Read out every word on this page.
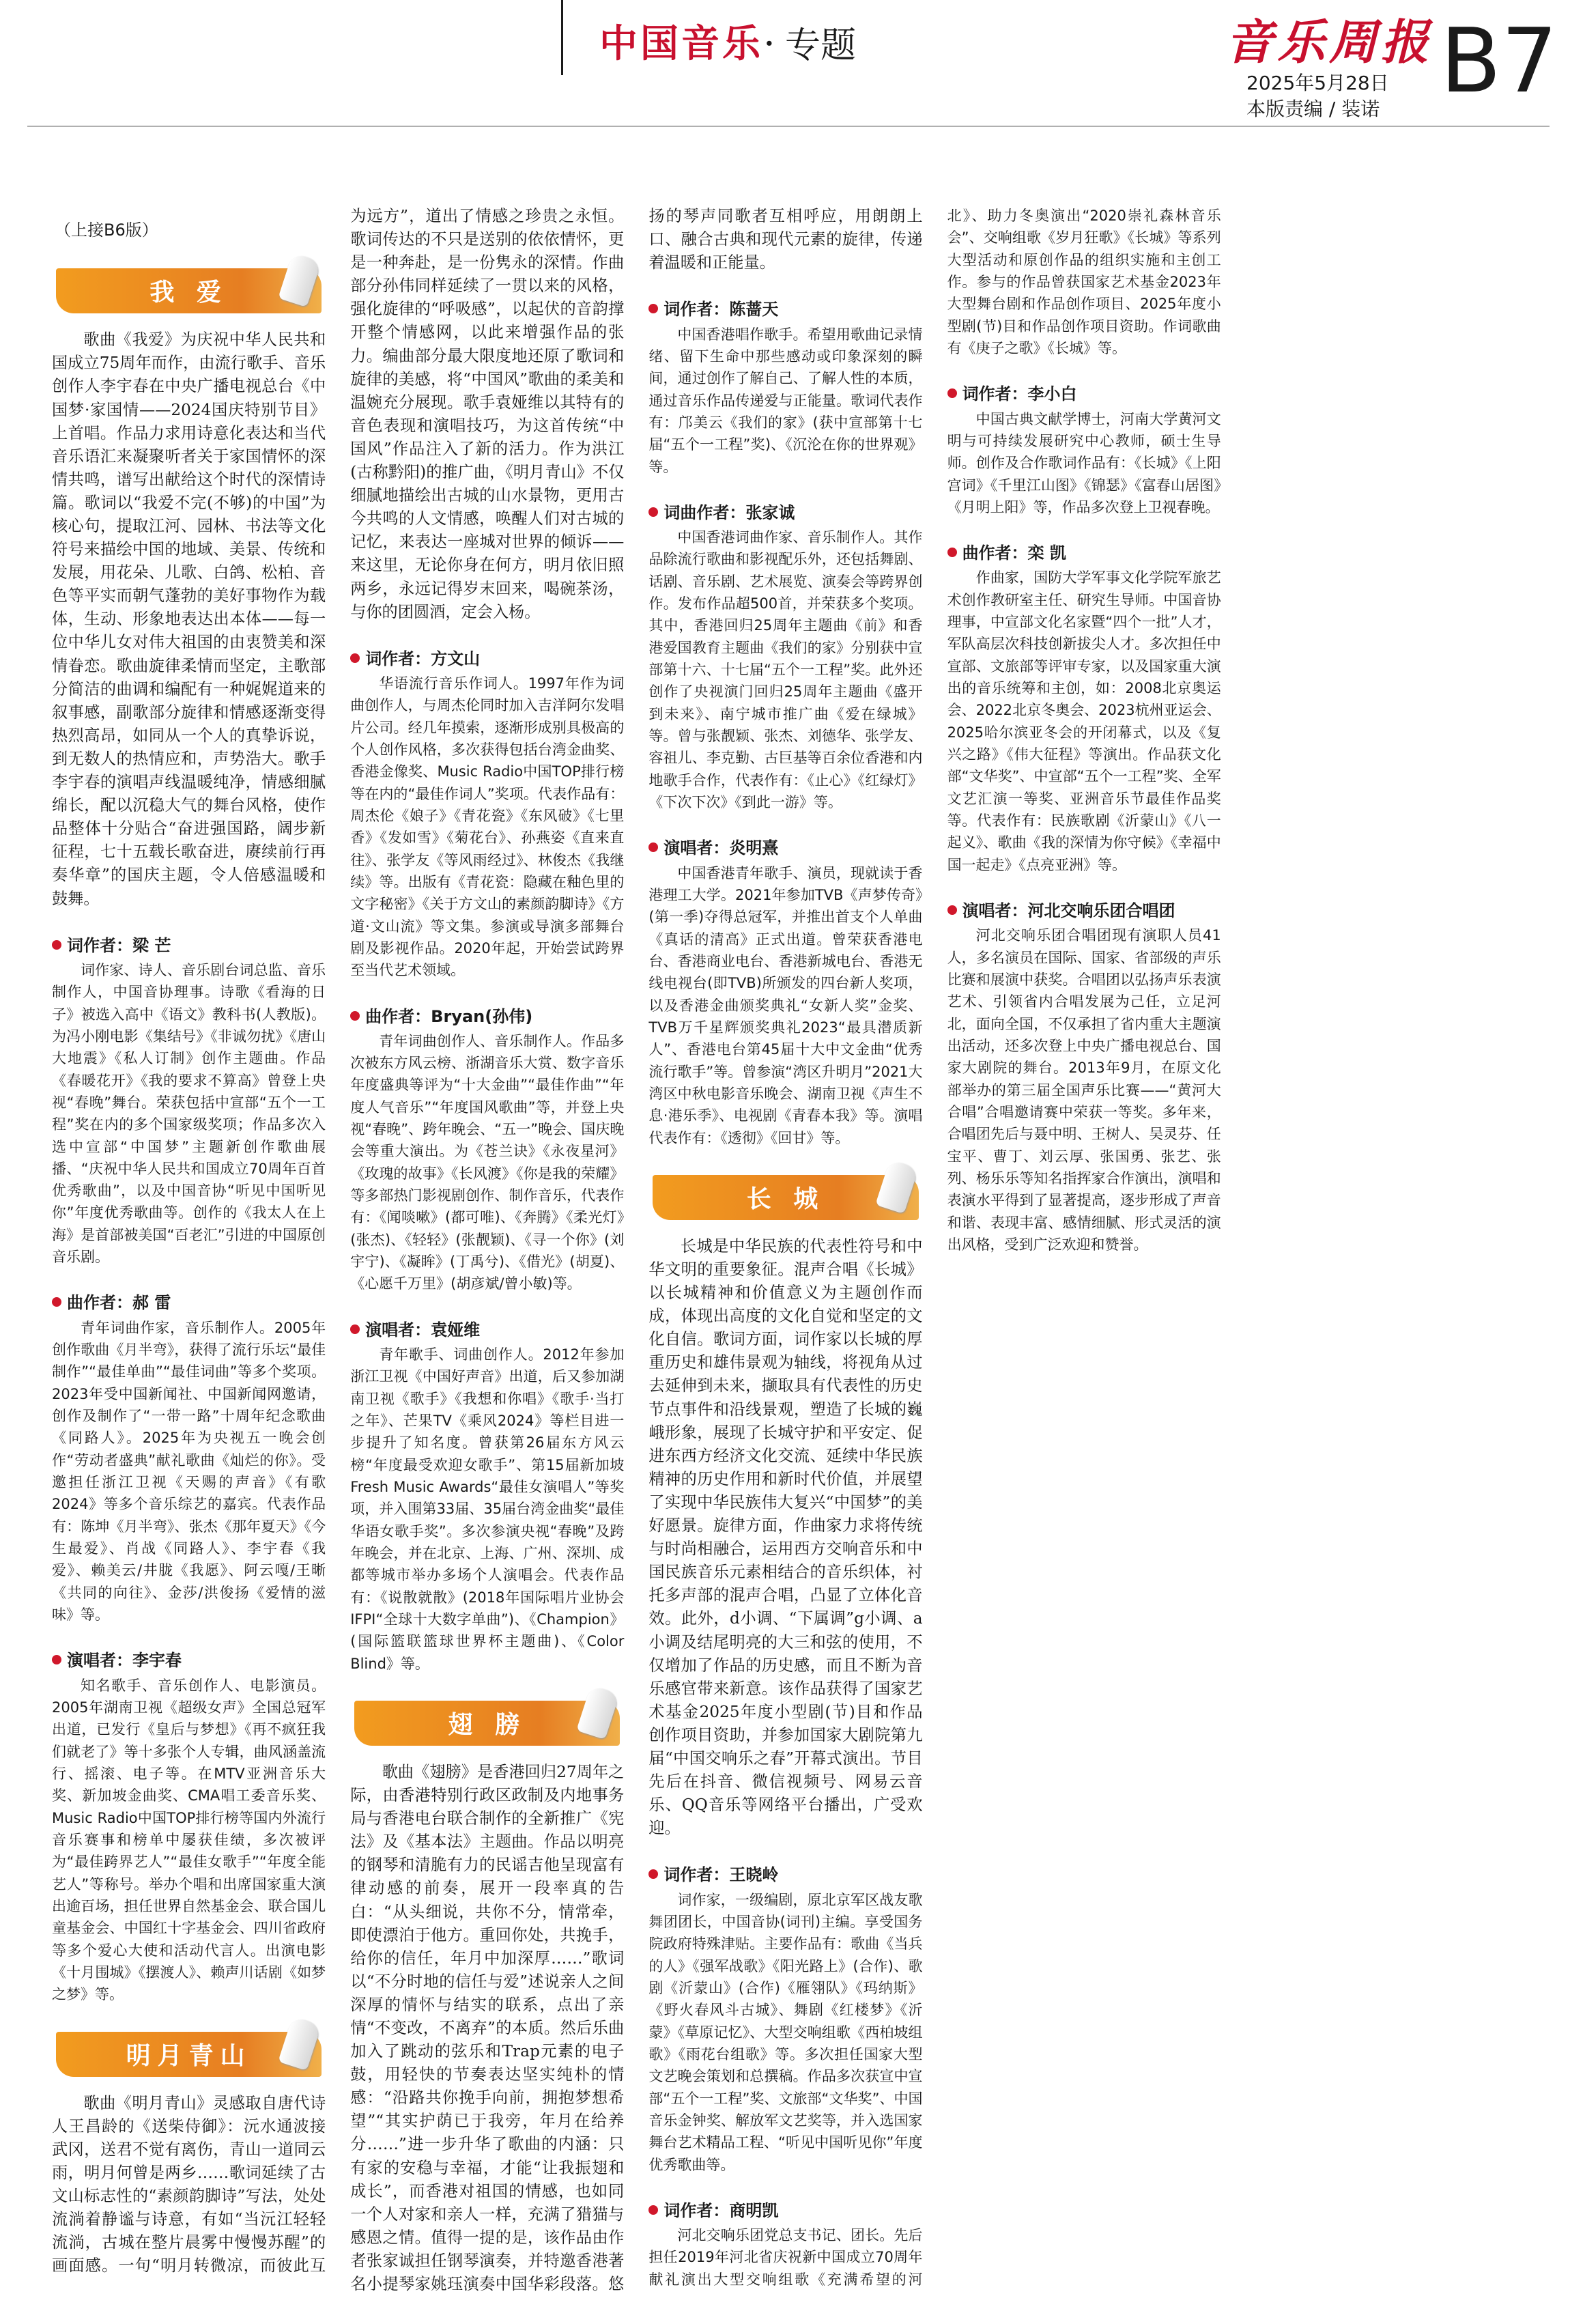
中国音乐· 专题	音乐周报
2025年5月28日
本版责编 / 装诺 B7
（上接B6版）
我 爱

歌曲《我爱》为庆祝中华人民共和国成立75周年而作，由流行歌手、音乐创作人李宇春在中央广播电视总台《中国梦·家国情——2024国庆特别节目》上首唱。作品力求用诗意化表达和当代音乐语汇来凝聚听者关于家国情怀的深情共鸣，谱写出献给这个时代的深情诗篇。歌词以“我爱不完(不够)的中国”为核心句，提取江河、园林、书法等文化符号来描绘中国的地域、美景、传统和发展，用花朵、儿歌、白鸽、松柏、音色等平实而朝气蓬勃的美好事物作为载体，生动、形象地表达出本体——每一位中华儿女对伟大祖国的由衷赞美和深情眷恋。歌曲旋律柔情而坚定，主歌部分简洁的曲调和编配有一种娓娓道来的叙事感，副歌部分旋律和情感逐渐变得热烈高昂，如同从一个人的真挚诉说，到无数人的热情应和，声势浩大。歌手李宇春的演唱声线温暖纯净，情感细腻绵长，配以沉稳大气的舞台风格，使作品整体十分贴合“奋进强国路，阔步新征程，七十五载长歌奋进，赓续前行再奏华章”的国庆主题，令人倍感温暖和鼓舞。

词作者：梁 芒

词作家、诗人、音乐剧台词总监、音乐制作人，中国音协理事。诗歌《看海的日子》被选入高中《语文》教科书(人教版)。为冯小刚电影《集结号》《非诚勿扰》《唐山大地震》《私人订制》创作主题曲。作品《春暖花开》《我的要求不算高》曾登上央视“春晚”舞台。荣获包括中宣部“五个一工程”奖在内的多个国家级奖项；作品多次入选中宣部“中国梦”主题新创作歌曲展播、“庆祝中华人民共和国成立70周年百首优秀歌曲”，以及中国音协“听见中国听见你”年度优秀歌曲等。创作的《我太人在上海》是首部被美国“百老汇”引进的中国原创音乐剧。

曲作者：郝 雷

青年词曲作家，音乐制作人。2005年创作歌曲《月半弯》，获得了流行乐坛“最佳制作”“最佳单曲”“最佳词曲”等多个奖项。2023年受中国新闻社、中国新闻网邀请，创作及制作了“一带一路”十周年纪念歌曲《同路人》。2025年为央视五一晚会创作“劳动者盛典”献礼歌曲《灿烂的你》。受邀担任浙江卫视《天赐的声音》《有歌2024》等多个音乐综艺的嘉宾。代表作品有：陈坤《月半弯》、张杰《那年夏天》《今生最爱》、肖战《同路人》、李宇春《我爱》、赖美云/井胧《我愿》、阿云嘎/王晰《共同的向往》、金莎/洪俊扬《爱情的滋味》等。

演唱者：李宇春

知名歌手、音乐创作人、电影演员。2005年湖南卫视《超级女声》全国总冠军出道，已发行《皇后与梦想》《再不疯狂我们就老了》等十多张个人专辑，曲风涵盖流行、摇滚、电子等。在MTV亚洲音乐大奖、新加坡金曲奖、CMA唱工委音乐奖、Music Radio中国TOP排行榜等国内外流行音乐赛事和榜单中屡获佳绩，多次被评为“最佳跨界艺人”“最佳女歌手”“年度全能艺人”等称号。举办个唱和出席国家重大演出逾百场，担任世界自然基金会、联合国儿童基金会、中国红十字基金会、四川省政府等多个爱心大使和活动代言人。出演电影《十月围城》《摆渡人》、赖声川话剧《如梦之梦》等。

明月青山

歌曲《明月青山》灵感取自唐代诗人王昌龄的《送柴侍御》：沅水通波接武冈，送君不觉有离伤，青山一道同云雨，明月何曾是两乡……歌词延续了古文山标志性的“素颜韵脚诗”写法，处处流淌着静谧与诗意，有如“当沅江轻轻流淌，古城在整片晨雾中慢慢苏醒”的画面感。一句“明月转微凉，而彼此互为远方”，道出了情感之珍贵之永恒。歌词传达的不只是送别的依依情怀，更是一种奔赴，是一份隽永的深情。作曲部分孙伟同样延续了一贯以来的风格，强化旋律的“呼吸感”，以起伏的音韵撑开整个情感网，以此来增强作品的张力。编曲部分最大限度地还原了歌词和旋律的美感，将“中国风”歌曲的柔美和温婉充分展现。歌手袁娅维以其特有的音色表现和演唱技巧，为这首传统“中国风”作品注入了新的活力。作为洪江(古称黔阳)的推广曲，《明月青山》不仅细腻地描绘出古城的山水景物，更用古今共鸣的人文情感，唤醒人们对古城的记忆，来表达一座城对世界的倾诉——来这里，无论你身在何方，明月依旧照两乡，永远记得岁末回来，喝碗茶汤，与你的团圆酒，定会入杨。

词作者：方文山

华语流行音乐作词人。1997年作为词曲创作人，与周杰伦同时加入吉洋阿尔发唱片公司。经几年摸索，逐渐形成别具极高的个人创作风格，多次获得包括台湾金曲奖、香港金像奖、Music Radio中国TOP排行榜等在内的“最佳作词人”奖项。代表作品有：周杰伦《娘子》《青花瓷》《东风破》《七里香》《发如雪》《菊花台》、孙燕姿《直来直往》、张学友《等风雨经过》、林俊杰《我继续》等。出版有《青花瓷：隐藏在釉色里的文字秘密》《关于方文山的素颜韵脚诗》《方道·文山流》等文集。参演或导演多部舞台剧及影视作品。2020年起，开始尝试跨界至当代艺术领域。

曲作者：Bryan(孙伟)

青年词曲创作人、音乐制作人。作品多次被东方风云榜、浙湖音乐大赏、数字音乐年度盛典等评为“十大金曲”“最佳作曲”“年度人气音乐”“年度国风歌曲”等，并登上央视“春晚”、跨年晚会、“五一”晚会、国庆晚会等重大演出。为《苍兰诀》《永夜星河》《玫瑰的故事》《长风渡》《你是我的荣耀》等多部热门影视剧创作、制作音乐，代表作有：《闻啖嗽》(都可唯)、《奔腾》《柔光灯》(张杰)、《轻轻》(张靓颖)、《寻一个你》(刘宇宁)、《凝眸》(丁禹兮)、《借光》(胡夏)、《心愿千万里》(胡彦斌/曾小敏)等。

演唱者：袁娅维

青年歌手、词曲创作人。2012年参加浙江卫视《中国好声音》出道，后又参加湖南卫视《歌手》《我想和你唱》《歌手·当打之年》、芒果TV《乘风2024》等栏目进一步提升了知名度。曾获第26届东方风云榜“年度最受欢迎女歌手”、第15届新加坡Fresh Music Awards“最佳女演唱人”等奖项，并入围第33届、35届台湾金曲奖“最佳华语女歌手奖”。多次参演央视“春晚”及跨年晚会，并在北京、上海、广州、深圳、成都等城市举办多场个人演唱会。代表作品有：《说散就散》(2018年国际唱片业协会IFPI“全球十大数字单曲”)、《Champion》(国际篮联篮球世界杯主题曲)、《Color Blind》等。

翅 膀

歌曲《翅膀》是香港回归27周年之际，由香港特别行政区政制及内地事务局与香港电台联合制作的全新推广《宪法》及《基本法》主题曲。作品以明亮的钢琴和清脆有力的民谣吉他呈现富有律动感的前奏，展开一段率真的告白：“从头细说，共你不分，情常牵，即使漂泊于他方。重回你处，共挽手，给你的信任，年月中加深厚……”歌词以“不分时地的信任与爱”述说亲人之间深厚的情怀与结实的联系，点出了亲情“不变改，不离弃”的本质。然后乐曲加入了跳动的弦乐和Trap元素的电子鼓，用轻快的节奏表达坚实纯朴的情感：“沿路共你挽手向前，拥抱梦想希望”“其实护荫已于我旁，年月在给养分……”进一步升华了歌曲的内涵：只有家的安稳与幸福，才能“让我振翅和成长”，而香港对祖国的情感，也如同一个人对家和亲人一样，充满了猎猫与感恩之情。值得一提的是，该作品由作者张家诚担任钢琴演奏，并特邀香港著名小提琴家姚珏演奏中国华彩段落。悠扬的琴声同歌者互相呼应，用朗朗上口、融合古典和现代元素的旋律，传递着温暖和正能量。

词作者：陈蔷天

中国香港唱作歌手。希望用歌曲记录情绪、留下生命中那些感动或印象深刻的瞬间，通过创作了解自己、了解人性的本质，通过音乐作品传递爱与正能量。歌词代表作有：邝美云《我们的家》(获中宣部第十七届“五个一工程”奖)、《沉沦在你的世界观》等。

词曲作者：张家诚

中国香港词曲作家、音乐制作人。其作品除流行歌曲和影视配乐外，还包括舞剧、话剧、音乐剧、艺术展览、演奏会等跨界创作。发布作品超500首，并荣获多个奖项。其中，香港回归25周年主题曲《前》和香港爱国教育主题曲《我们的家》分别获中宣部第十六、十七届“五个一工程”奖。此外还创作了央视演门回归25周年主题曲《盛开到未来》、南宁城市推广曲《爱在绿城》等。曾与张靓颖、张杰、刘德华、张学友、容祖儿、李克勤、古巨基等百余位香港和内地歌手合作，代表作有：《止心》《红绿灯》《下次下次》《到此一游》等。

演唱者：炎明熹

中国香港青年歌手、演员，现就读于香港理工大学。2021年参加TVB《声梦传奇》(第一季)夺得总冠军，并推出首支个人单曲《真话的清高》正式出道。曾荣获香港电台、香港商业电台、香港新城电台、香港无线电视台(即TVB)所颁发的四台新人奖项，以及香港金曲颁奖典礼“女新人奖”金奖、TVB万千星辉颁奖典礼2023“最具潜质新人”、香港电台第45届十大中文金曲“优秀流行歌手”等。曾参演“湾区升明月”2021大湾区中秋电影音乐晚会、湖南卫视《声生不息·港乐季》、电视剧《青春本我》等。演唱代表作有：《透彻》《回甘》等。

长 城

长城是中华民族的代表性符号和中华文明的重要象征。混声合唱《长城》以长城精神和价值意义为主题创作而成，体现出高度的文化自觉和坚定的文化自信。歌词方面，词作家以长城的厚重历史和雄伟景观为轴线，将视角从过去延伸到未来，撷取具有代表性的历史节点事件和沿线景观，塑造了长城的巍峨形象，展现了长城守护和平安定、促进东西方经济文化交流、延续中华民族精神的历史作用和新时代价值，并展望了实现中华民族伟大复兴“中国梦”的美好愿景。旋律方面，作曲家力求将传统与时尚相融合，运用西方交响音乐和中国民族音乐元素相结合的音乐织体，衬托多声部的混声合唱，凸显了立体化音效。此外，d小调、“下属调”g小调、a小调及结尾明亮的大三和弦的使用，不仅增加了作品的历史感，而且不断为音乐感官带来新意。该作品获得了国家艺术基金2025年度小型剧(节)目和作品创作项目资助，并参加国家大剧院第九届“中国交响乐之春”开幕式演出。节目先后在抖音、微信视频号、网易云音乐、QQ音乐等网络平台播出，广受欢迎。

词作者：王晓岭

词作家，一级编剧，原北京军区战友歌舞团团长，中国音协(词刊)主编。享受国务院政府特殊津贴。主要作品有：歌曲《当兵的人》《强军战歌》《阳光路上》(合作)、歌剧《沂蒙山》(合作)《雁翎队》《玛纳斯》《野火春风斗古城》、舞剧《红楼梦》《沂蒙》《草原记忆》、大型交响组歌《西柏坡组歌》《雨花台组歌》等。多次担任国家大型文艺晚会策划和总撰稿。作品多次获宣中宣部“五个一工程”奖、文旅部“文华奖”、中国音乐金钟奖、解放军文艺奖等，并入选国家舞台艺术精品工程、“听见中国听见你”年度优秀歌曲等。

词作者：商明凯

河北交响乐团党总支书记、团长。先后担任2019年河北省庆祝新中国成立70周年献礼演出大型交响组歌《充满希望的河北》、助力冬奥演出“2020崇礼森林音乐会”、交响组歌《岁月狂歌》《长城》等系列大型活动和原创作品的组织实施和主创工作。参与的作品曾获国家艺术基金2023年大型舞台剧和作品创作项目、2025年度小型剧(节)目和作品创作项目资助。作词歌曲有《庚子之歌》《长城》等。

词作者：李小白

中国古典文献学博士，河南大学黄河文明与可持续发展研究中心教师，硕士生导师。创作及合作歌词作品有：《长城》《上阳宫词》《千里江山图》《锦瑟》《富春山居图》《月明上阳》等，作品多次登上卫视春晚。

曲作者：栾 凯

作曲家，国防大学军事文化学院军旅艺术创作教研室主任、研究生导师。中国音协理事，中宣部文化名家暨“四个一批”人才，军队高层次科技创新拔尖人才。多次担任中宣部、文旅部等评审专家，以及国家重大演出的音乐统筹和主创，如：2008北京奥运会、2022北京冬奥会、2023杭州亚运会、2025哈尔滨亚冬会的开闭幕式，以及《复兴之路》《伟大征程》等演出。作品获文化部“文华奖”、中宣部“五个一工程”奖、全军文艺汇演一等奖、亚洲音乐节最佳作品奖等。代表作有：民族歌剧《沂蒙山》《八一起义》、歌曲《我的深情为你守候》《幸福中国一起走》《点亮亚洲》等。

演唱者：河北交响乐团合唱团

河北交响乐团合唱团现有演职人员41人，多名演员在国际、国家、省部级的声乐比赛和展演中获奖。合唱团以弘扬声乐表演艺术、引领省内合唱发展为己任，立足河北，面向全国，不仅承担了省内重大主题演出活动，还多次登上中央广播电视总台、国家大剧院的舞台。2013年9月，在原文化部举办的第三届全国声乐比赛——“黄河大合唱”合唱邀请赛中荣获一等奖。多年来，合唱团先后与聂中明、王树人、吴灵芬、任宝平、曹丁、刘云厚、张国勇、张艺、张列、杨乐乐等知名指挥家合作演出，演唱和表演水平得到了显著提高，逐步形成了声音和谐、表现丰富、感情细腻、形式灵活的演出风格，受到广泛欢迎和赞誉。
